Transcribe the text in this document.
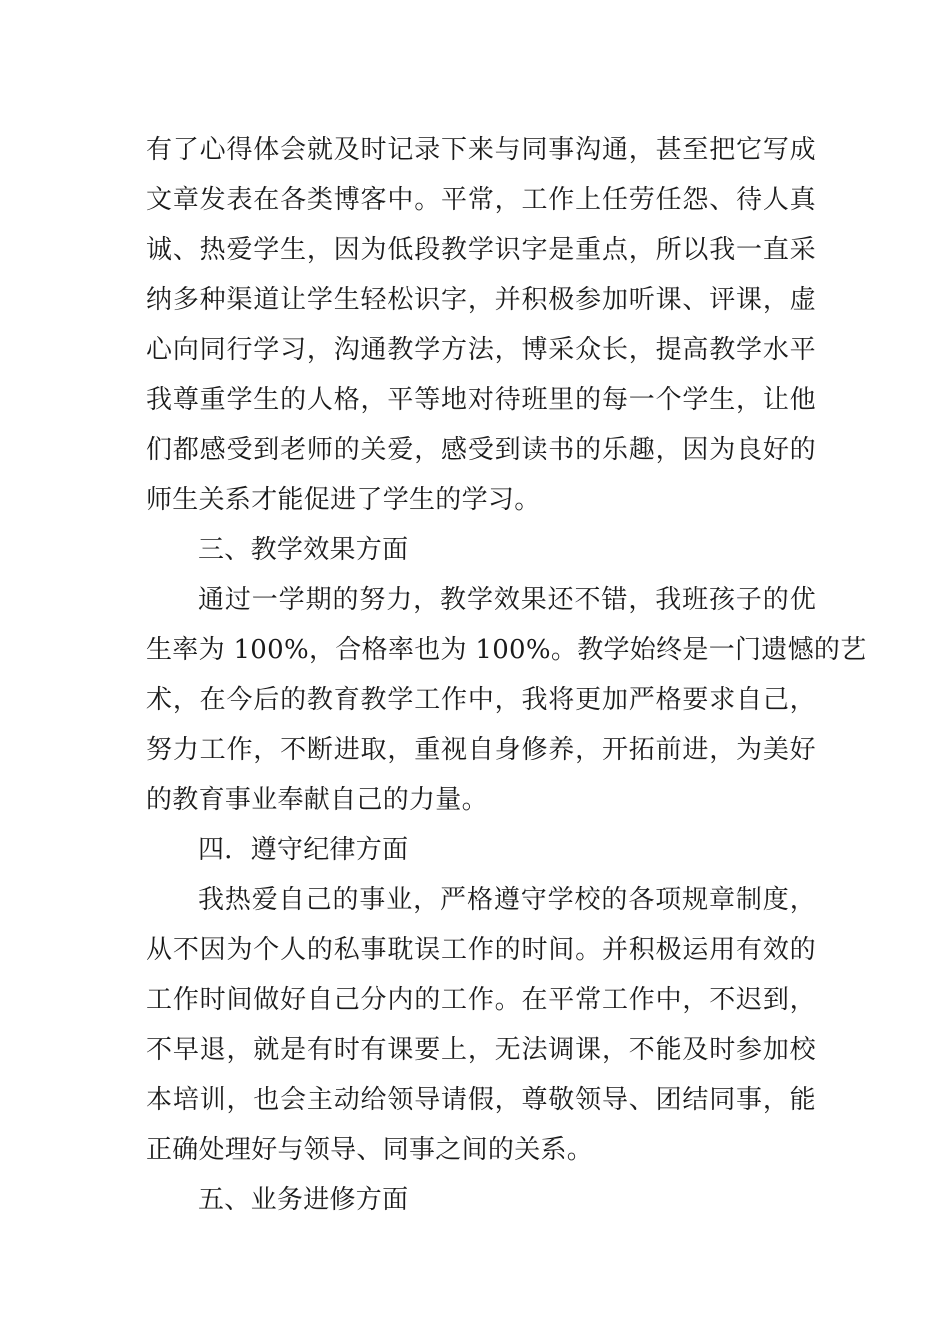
有了心得体会就及时记录下来与同事沟通，甚至把它写成
文章发表在各类博客中。平常，工作上任劳任怨、待人真
诚、热爱学生，因为低段教学识字是重点，所以我一直采
纳多种渠道让学生轻松识字，并积极参加听课、评课，虚
心向同行学习，沟通教学方法，博采众长，提高教学水平
我尊重学生的人格，平等地对待班里的每一个学生，让他
们都感受到老师的关爱，感受到读书的乐趣，因为良好的
师生关系才能促进了学生的学习。
三、教学效果方面
通过一学期的努力，教学效果还不错，我班孩子的优
生率为 100%，合格率也为 100%。教学始终是一门遗憾的艺
术，在今后的教育教学工作中，我将更加严格要求自己，
努力工作，不断进取，重视自身修养，开拓前进，为美好
的教育事业奉献自己的力量。
四．遵守纪律方面
我热爱自己的事业，严格遵守学校的各项规章制度，
从不因为个人的私事耽误工作的时间。并积极运用有效的
工作时间做好自己分内的工作。在平常工作中，不迟到，
不早退，就是有时有课要上，无法调课，不能及时参加校
本培训，也会主动给领导请假，尊敬领导、团结同事，能
正确处理好与领导、同事之间的关系。
五、业务进修方面
